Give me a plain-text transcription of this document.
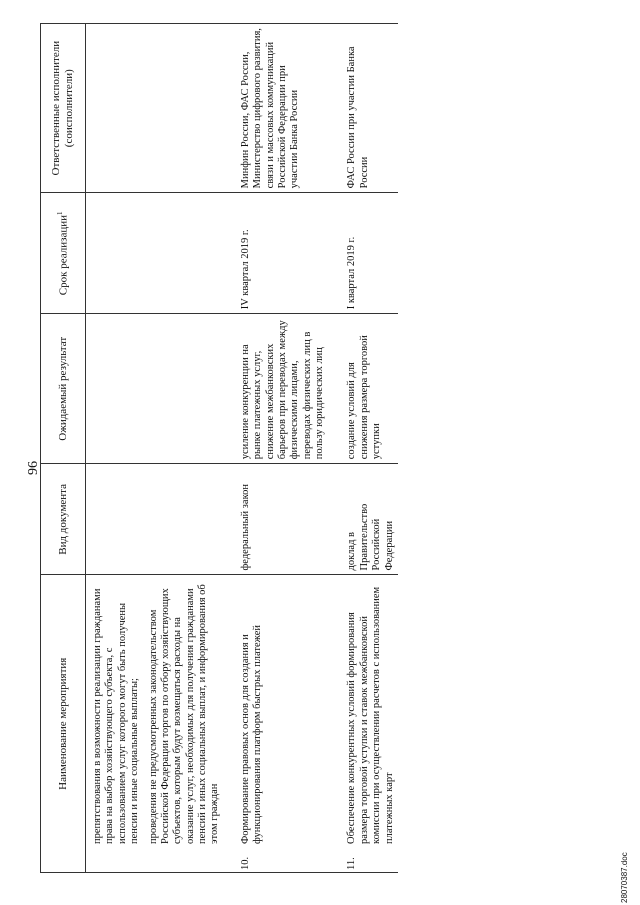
96
Наименование мероприятия	Вид документа	Ожидаемый результат	Срок реализации$^1$	Ответственные исполнители (соисполнители)

препятствования в возможности реализации гражданами права на выбор хозяйствующего субъекта, с использованием услуг которого могут быть получены пенсии и иные социальные выплаты; проведения не предусмотренных законодательством Российской Федерации торгов по отбору хозяйствующих субъектов, которым будут возмещаться расходы на оказание услуг, необходимых для получения гражданами пенсий и иных социальных выплат, и информирования об этом граждан				

10.
Формирование правовых основ для создания и функционирования платформ быстрых платежей	федеральный закон	усиление конкуренции на рынке платежных услуг, снижение межбанковских барьеров при переводах между физическими лицами, переводах физических лиц в пользу юридических лиц	IV квартал 2019 г.	Минфин России, ФАС России, Министерство цифрового развития, связи и массовых коммуникаций Российской Федерации при участии Банка России

11.
Обеспечение конкурентных условий формирования размера торговой уступки и ставок межбанковской комиссии при осуществлении расчетов с использованием платежных карт	доклад в Правительство Российской Федерации	создание условий для снижения размера торговой уступки	I квартал 2019 г.	ФАС России при участии Банка России
28070387.doc
